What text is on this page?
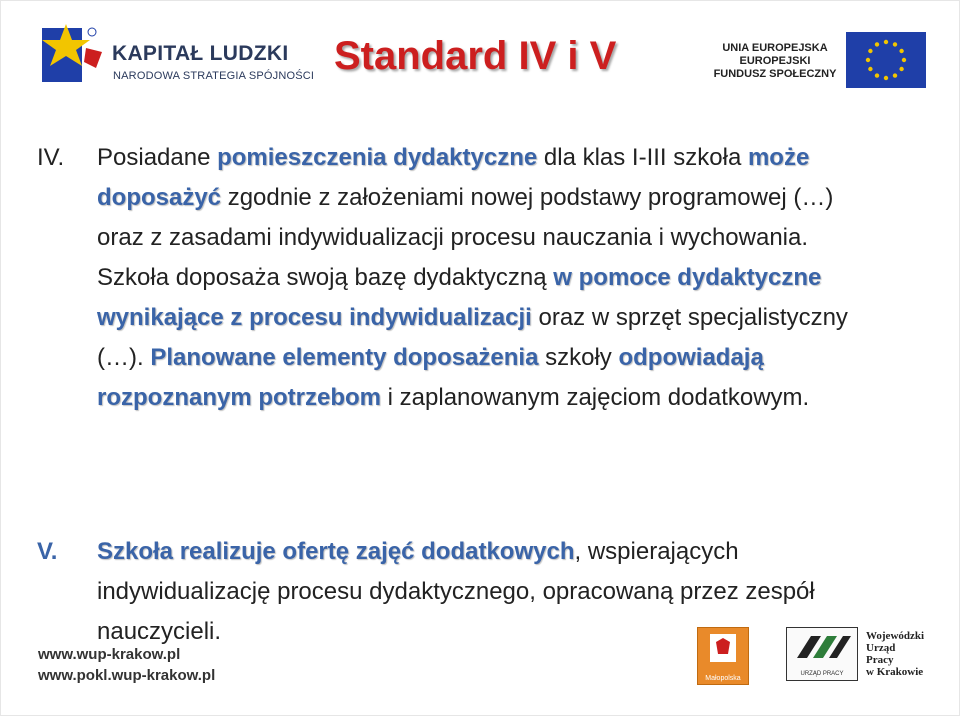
KAPITAŁ LUDZKI
NARODOWA STRATEGIA SPÓJNOŚCI Standard IV i V	UNIA EUROPEJSKA
EUROPEJSKI
FUNDUSZ SPOŁECZNY
IV. Posiadane pomieszczenia dydaktyczne dla klas I-III szkoła może doposażyć zgodnie z założeniami nowej podstawy programowej (…) oraz z zasadami indywidualizacji procesu nauczania i wychowania. Szkoła doposaża swoją bazę dydaktyczną w pomoce dydaktyczne wynikające z procesu indywidualizacji oraz w sprzęt specjalistyczny (…). Planowane elementy doposażenia szkoły odpowiadają rozpoznanym potrzebom i zaplanowanym zajęciom dodatkowym.
V. Szkoła realizuje ofertę zajęć dodatkowych, wspierających indywidualizację procesu dydaktycznego, opracowaną przez zespół nauczycieli.
www.wup-krakow.pl
www.pokl.wup-krakow.pl	Małopolska
URZĄD PRACY
Wojewódzki
Urząd
Pracy
w Krakowie
